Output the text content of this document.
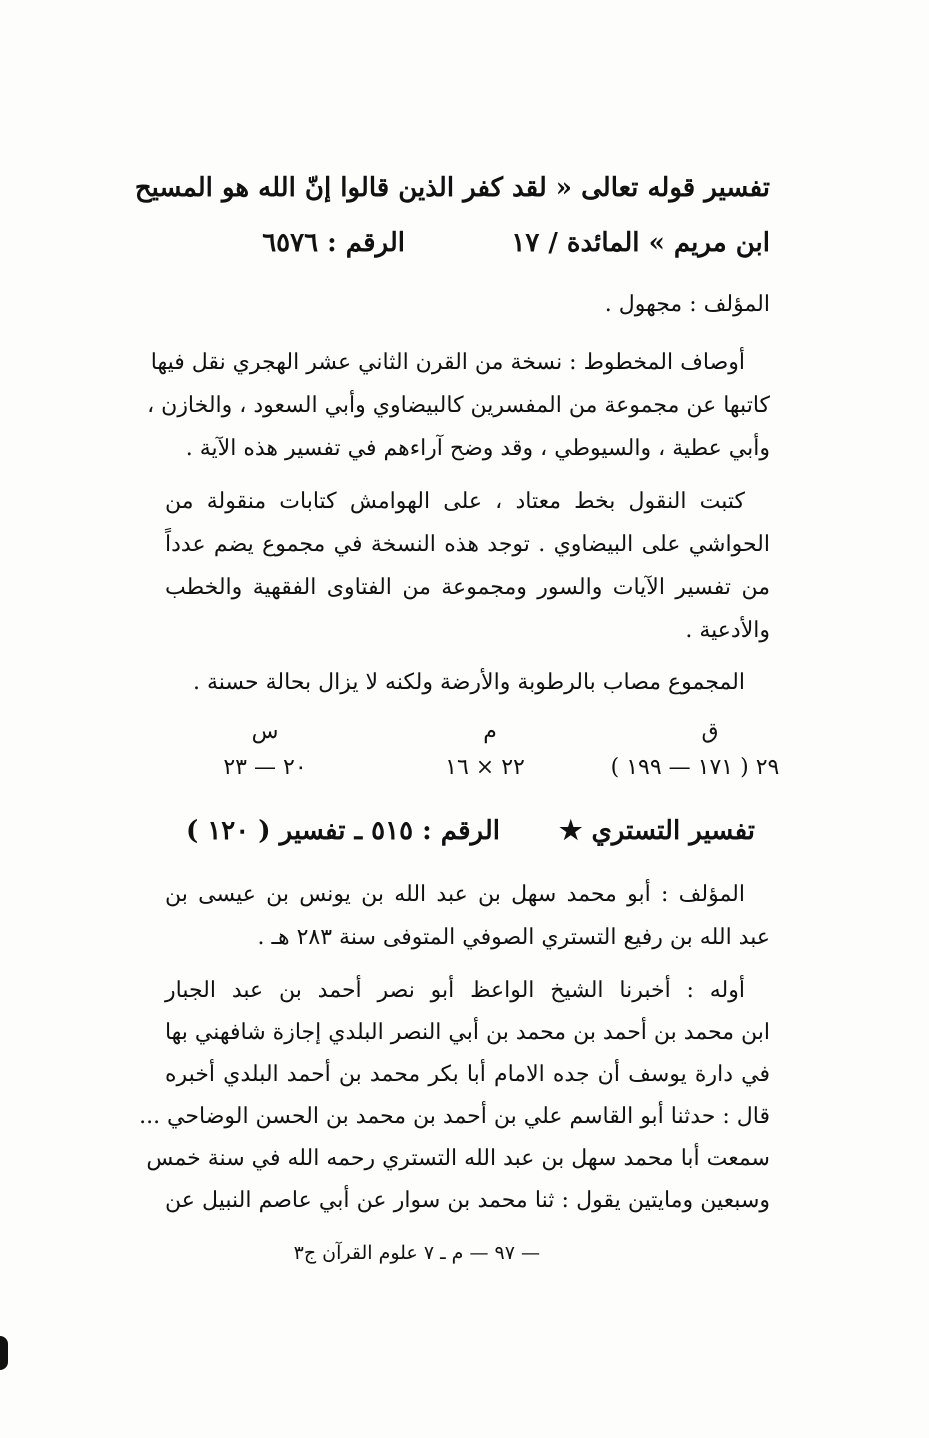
تفسير قوله تعالى « لقد كفر الذين قالوا إنّ الله هو المسيح
ابن مريم » المائدة / ١٧
الرقم : ٦٥٧٦
المؤلف : مجهول .
أوصاف المخطوط : نسخة من القرن الثاني عشر الهجري نقل فيها
كاتبها عن مجموعة من المفسرين كالبيضاوي وأبي السعود ، والخازن ،
وأبي عطية ، والسيوطي ، وقد وضح آراءهم في تفسير هذه الآية .
كتبت النقول بخط معتاد ، على الهوامش كتابات منقولة من
الحواشي على البيضاوي . توجد هذه النسخة في مجموع يضم عدداً
من تفسير الآيات والسور ومجموعة من الفتاوى الفقهية والخطب
والأدعية .
المجموع مصاب بالرطوبة والأرضة ولكنه لا يزال بحالة حسنة .
ق
م
س
٢٩ ( ١٧١ — ١٩٩ )
٢٢ × ١٦
٢٠ — ٢٣
تفسير التستري ★
الرقم : ٥١٥ ـ تفسير ( ١٢٠ )
المؤلف : أبو محمد سهل بن عبد الله بن يونس بن عيسى بن
عبد الله بن رفيع التستري الصوفي المتوفى سنة ٢٨٣ هـ .
أوله : أخبرنا الشيخ الواعظ أبو نصر أحمد بن عبد الجبار
ابن محمد بن أحمد بن محمد بن أبي النصر البلدي إجازة شافهني بها
في دارة يوسف أن جده الامام أبا بكر محمد بن أحمد البلدي أخبره
قال : حدثنا أبو القاسم علي بن أحمد بن محمد بن الحسن الوضاحي ...
سمعت أبا محمد سهل بن عبد الله التستري رحمه الله في سنة خمس
وسبعين ومايتين يقول : ثنا محمد بن سوار عن أبي عاصم النبيل عن
— ٩٧ — م ـ ٧ علوم القرآن ج٣
